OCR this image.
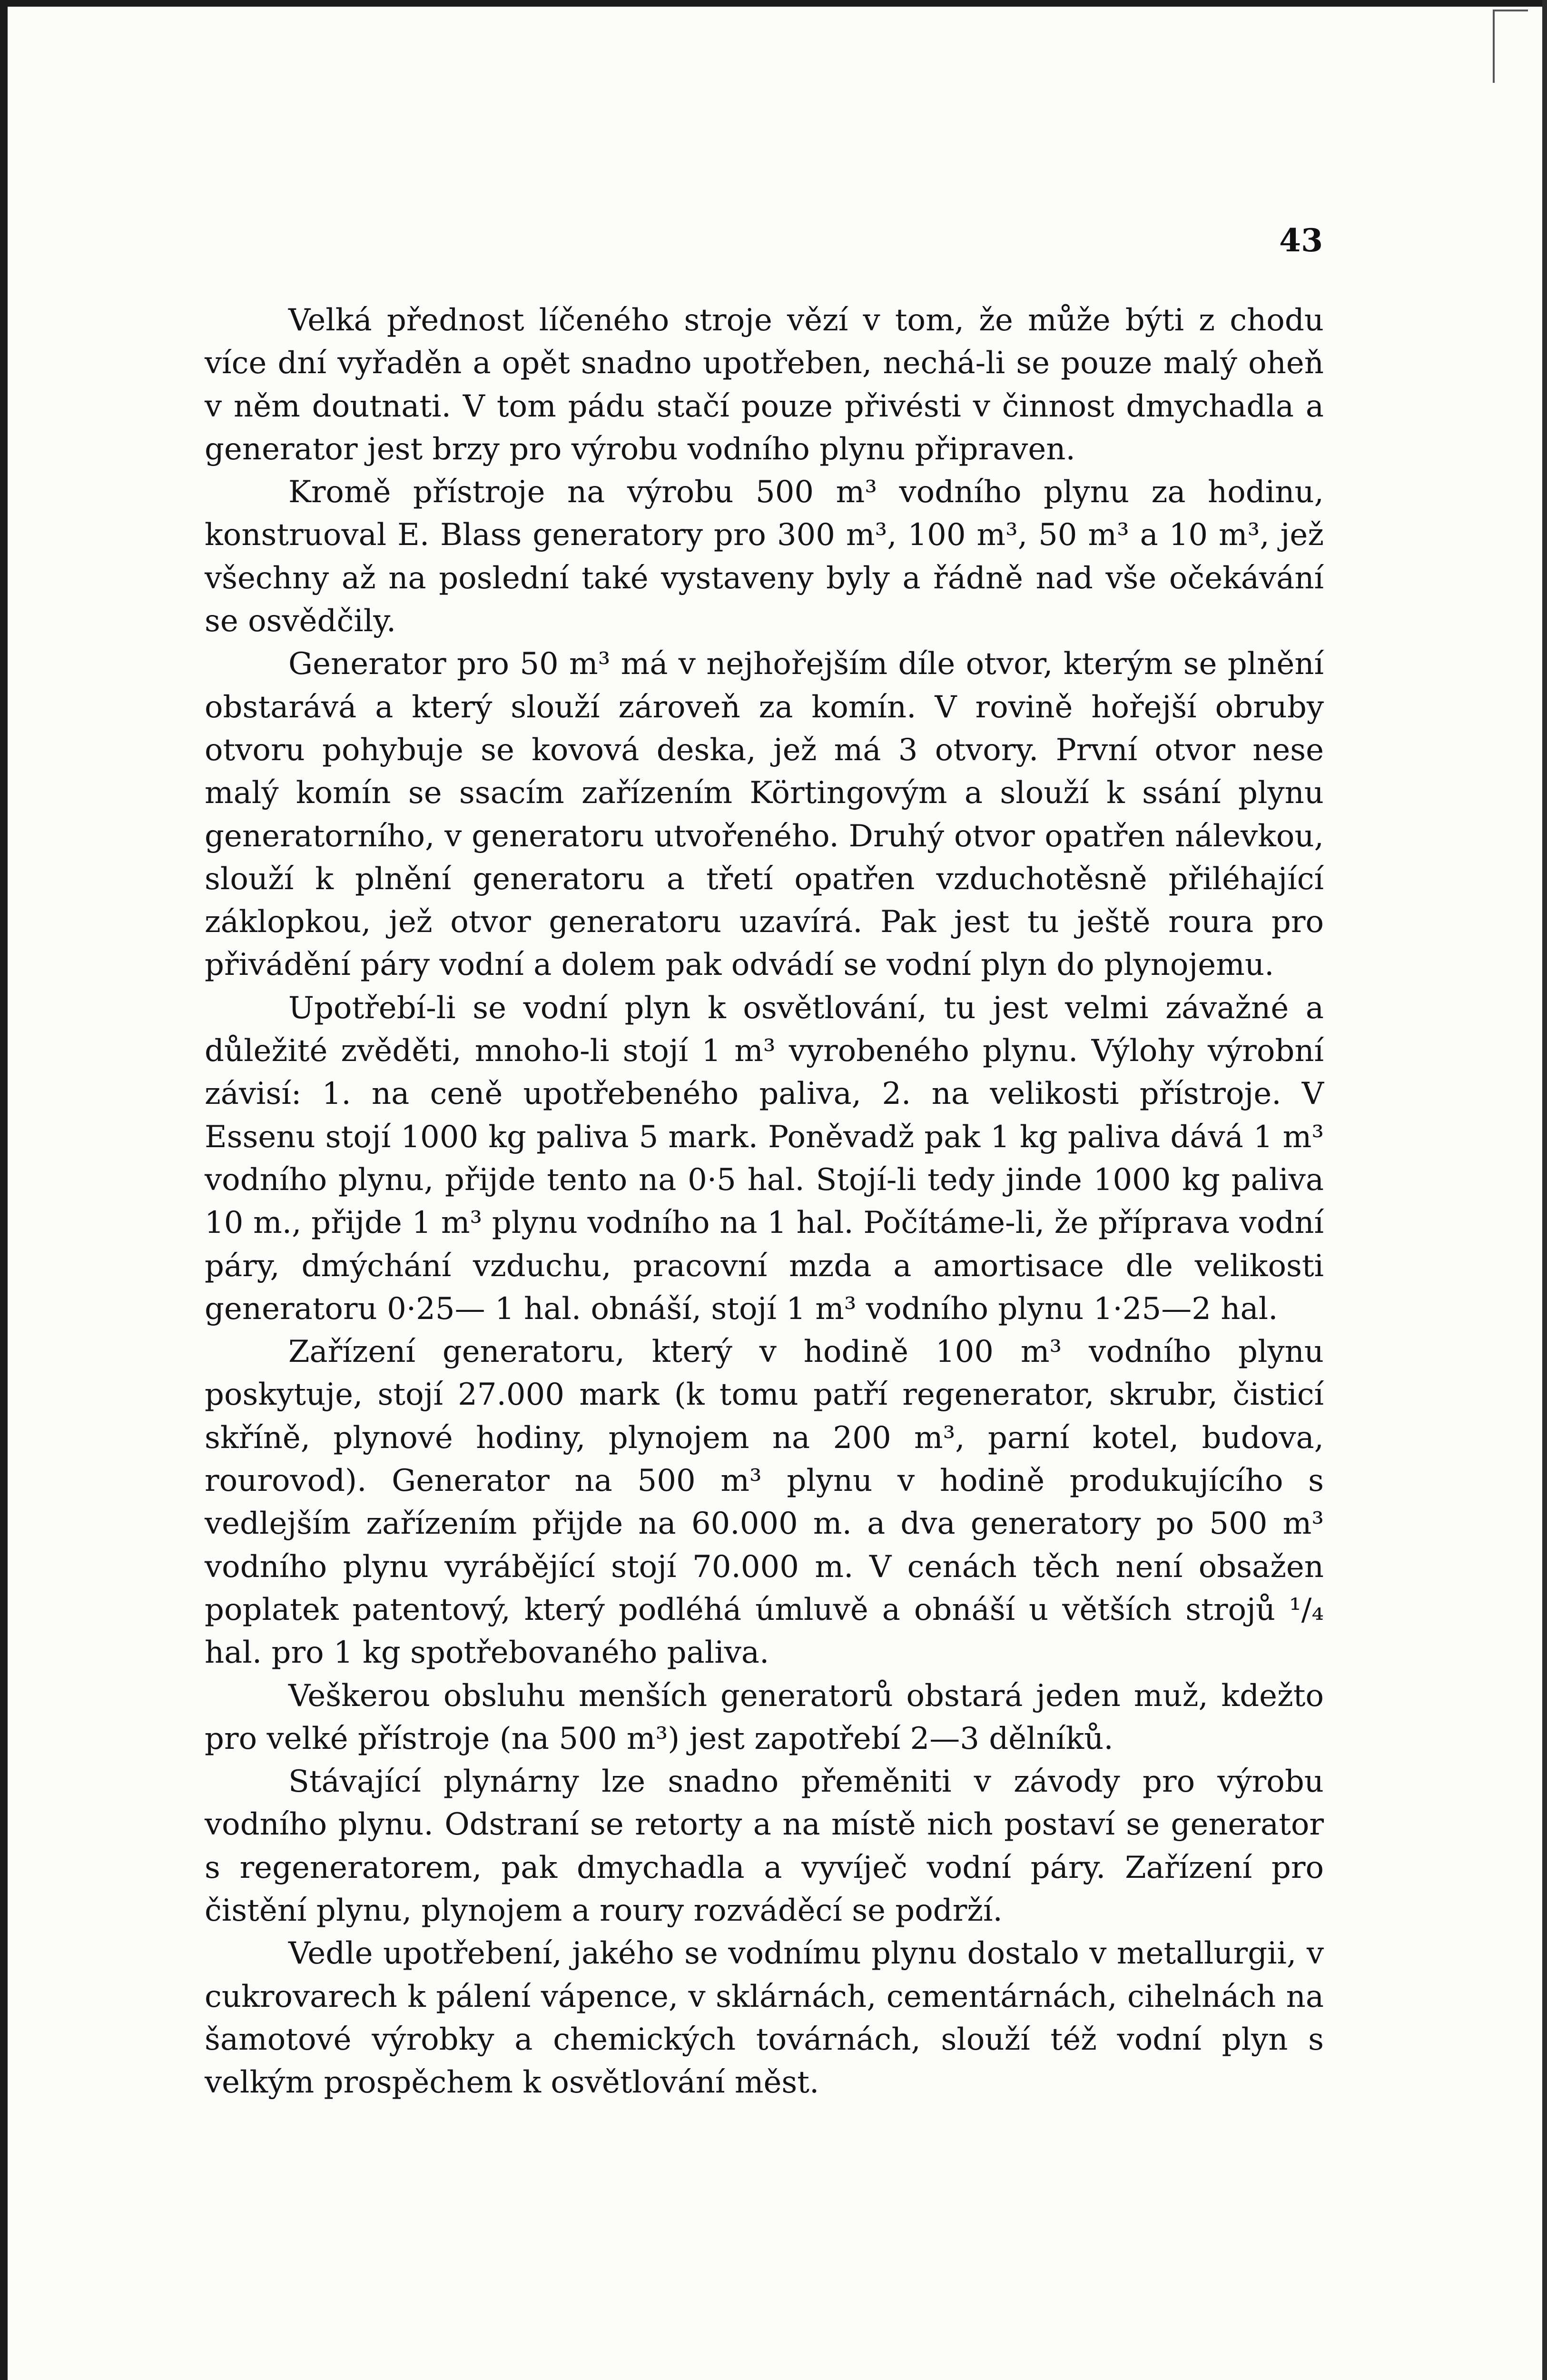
43

Velká přednost líčeného stroje vězí v tom, že může býti z chodu více dní vyřaděn a opět snadno upotřeben, nechá-li se pouze malý oheň v něm doutnati. V tom pádu stačí pouze přivésti v činnost dmychadla a generator jest brzy pro výrobu vodního plynu připraven.

Kromě přístroje na výrobu 500 m³ vodního plynu za hodinu, konstruoval E. Blass generatory pro 300 m³, 100 m³, 50 m³ a 10 m³, jež všechny až na poslední také vystaveny byly a řádně nad vše očekávání se osvědčily.

Generator pro 50 m³ má v nejhořejším díle otvor, kterým se plnění obstarává a který slouží zároveň za komín. V rovině hořejší obruby otvoru pohybuje se kovová deska, jež má 3 otvory. První otvor nese malý komín se ssacím zařízením Körtingovým a slouží k ssání plynu generatorního, v generatoru utvořeného. Druhý otvor opatřen nálevkou, slouží k plnění generatoru a třetí opatřen vzduchotěsně přiléhající záklopkou, jež otvor generatoru uzavírá. Pak jest tu ještě roura pro přivádění páry vodní a dolem pak odvádí se vodní plyn do plynojemu.

Upotřebí-li se vodní plyn k osvětlování, tu jest velmi závažné a důležité zvěděti, mnoho-li stojí 1 m³ vyrobeného plynu. Výlohy výrobní závisí: 1. na ceně upotřebeného paliva, 2. na velikosti přístroje. V Essenu stojí 1000 kg paliva 5 mark. Poněvadž pak 1 kg paliva dává 1 m³ vodního plynu, přijde tento na 0·5 hal. Stojí-li tedy jinde 1000 kg paliva 10 m., přijde 1 m³ plynu vodního na 1 hal. Počítáme-li, že příprava vodní páry, dmýchání vzduchu, pracovní mzda a amortisace dle velikosti generatoru 0·25— 1 hal. obnáší, stojí 1 m³ vodního plynu 1·25—2 hal.

Zařízení generatoru, který v hodině 100 m³ vodního plynu poskytuje, stojí 27.000 mark (k tomu patří regenerator, skrubr, čisticí skříně, plynové hodiny, plynojem na 200 m³, parní kotel, budova, rourovod). Generator na 500 m³ plynu v hodině produkujícího s vedlejším zařízením přijde na 60.000 m. a dva generatory po 500 m³ vodního plynu vyrábějící stojí 70.000 m. V cenách těch není obsažen poplatek patentový, který podléhá úmluvě a obnáší u větších strojů ¹/₄ hal. pro 1 kg spotřebovaného paliva.

Veškerou obsluhu menších generatorů obstará jeden muž, kdežto pro velké přístroje (na 500 m³) jest zapotřebí 2—3 dělníků.

Stávající plynárny lze snadno přeměniti v závody pro výrobu vodního plynu. Odstraní se retorty a na místě nich postaví se generator s regeneratorem, pak dmychadla a vyvíječ vodní páry. Zařízení pro čistění plynu, plynojem a roury rozváděcí se podrží.

Vedle upotřebení, jakého se vodnímu plynu dostalo v metallurgii, v cukrovarech k pálení vápence, v sklárnách, cementárnách, cihelnách na šamotové výrobky a chemických továrnách, slouží též vodní plyn s velkým prospěchem k osvětlování měst.
